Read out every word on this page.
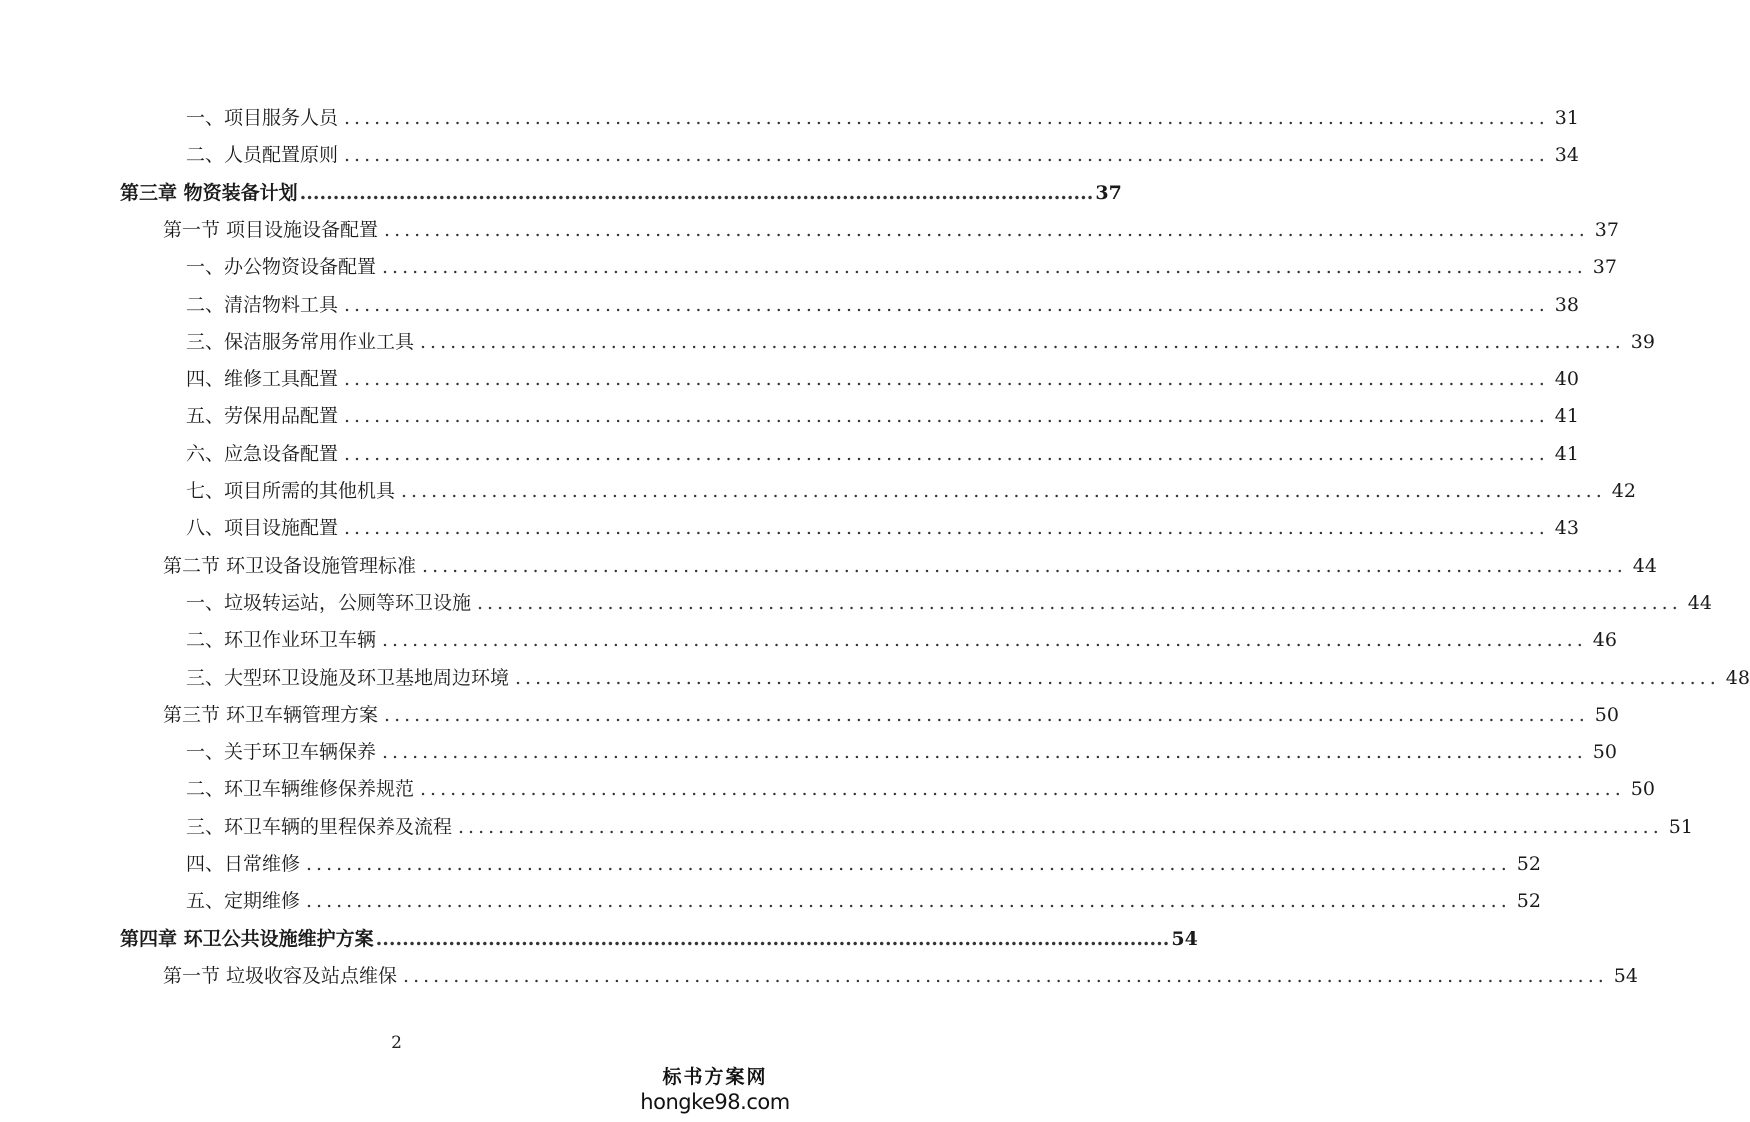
一、项目服务人员 ........................................................................................................................ 31
二、人员配置原则 ........................................................................................................................ 34
第三章 物资装备计划 ........................................................................................................................ 37
第一节 项目设施设备配置 ........................................................................................................................ 37
一、办公物资设备配置 ........................................................................................................................ 37
二、清洁物料工具 ........................................................................................................................ 38
三、保洁服务常用作业工具 ........................................................................................................................ 39
四、维修工具配置 ........................................................................................................................ 40
五、劳保用品配置 ........................................................................................................................ 41
六、应急设备配置 ........................................................................................................................ 41
七、项目所需的其他机具 ........................................................................................................................ 42
八、项目设施配置 ........................................................................................................................ 43
第二节 环卫设备设施管理标准 ........................................................................................................................ 44
一、垃圾转运站，公厕等环卫设施 ........................................................................................................................ 44
二、环卫作业环卫车辆 ........................................................................................................................ 46
三、大型环卫设施及环卫基地周边环境 ........................................................................................................................ 48
第三节 环卫车辆管理方案 ........................................................................................................................ 50
一、关于环卫车辆保养 ........................................................................................................................ 50
二、环卫车辆维修保养规范 ........................................................................................................................ 50
三、环卫车辆的里程保养及流程 ........................................................................................................................ 51
四、日常维修 ........................................................................................................................ 52
五、定期维修 ........................................................................................................................ 52
第四章 环卫公共设施维护方案 ........................................................................................................................ 54
第一节 垃圾收容及站点维保 ........................................................................................................................ 54
2
标书方案网
hongke98.com
